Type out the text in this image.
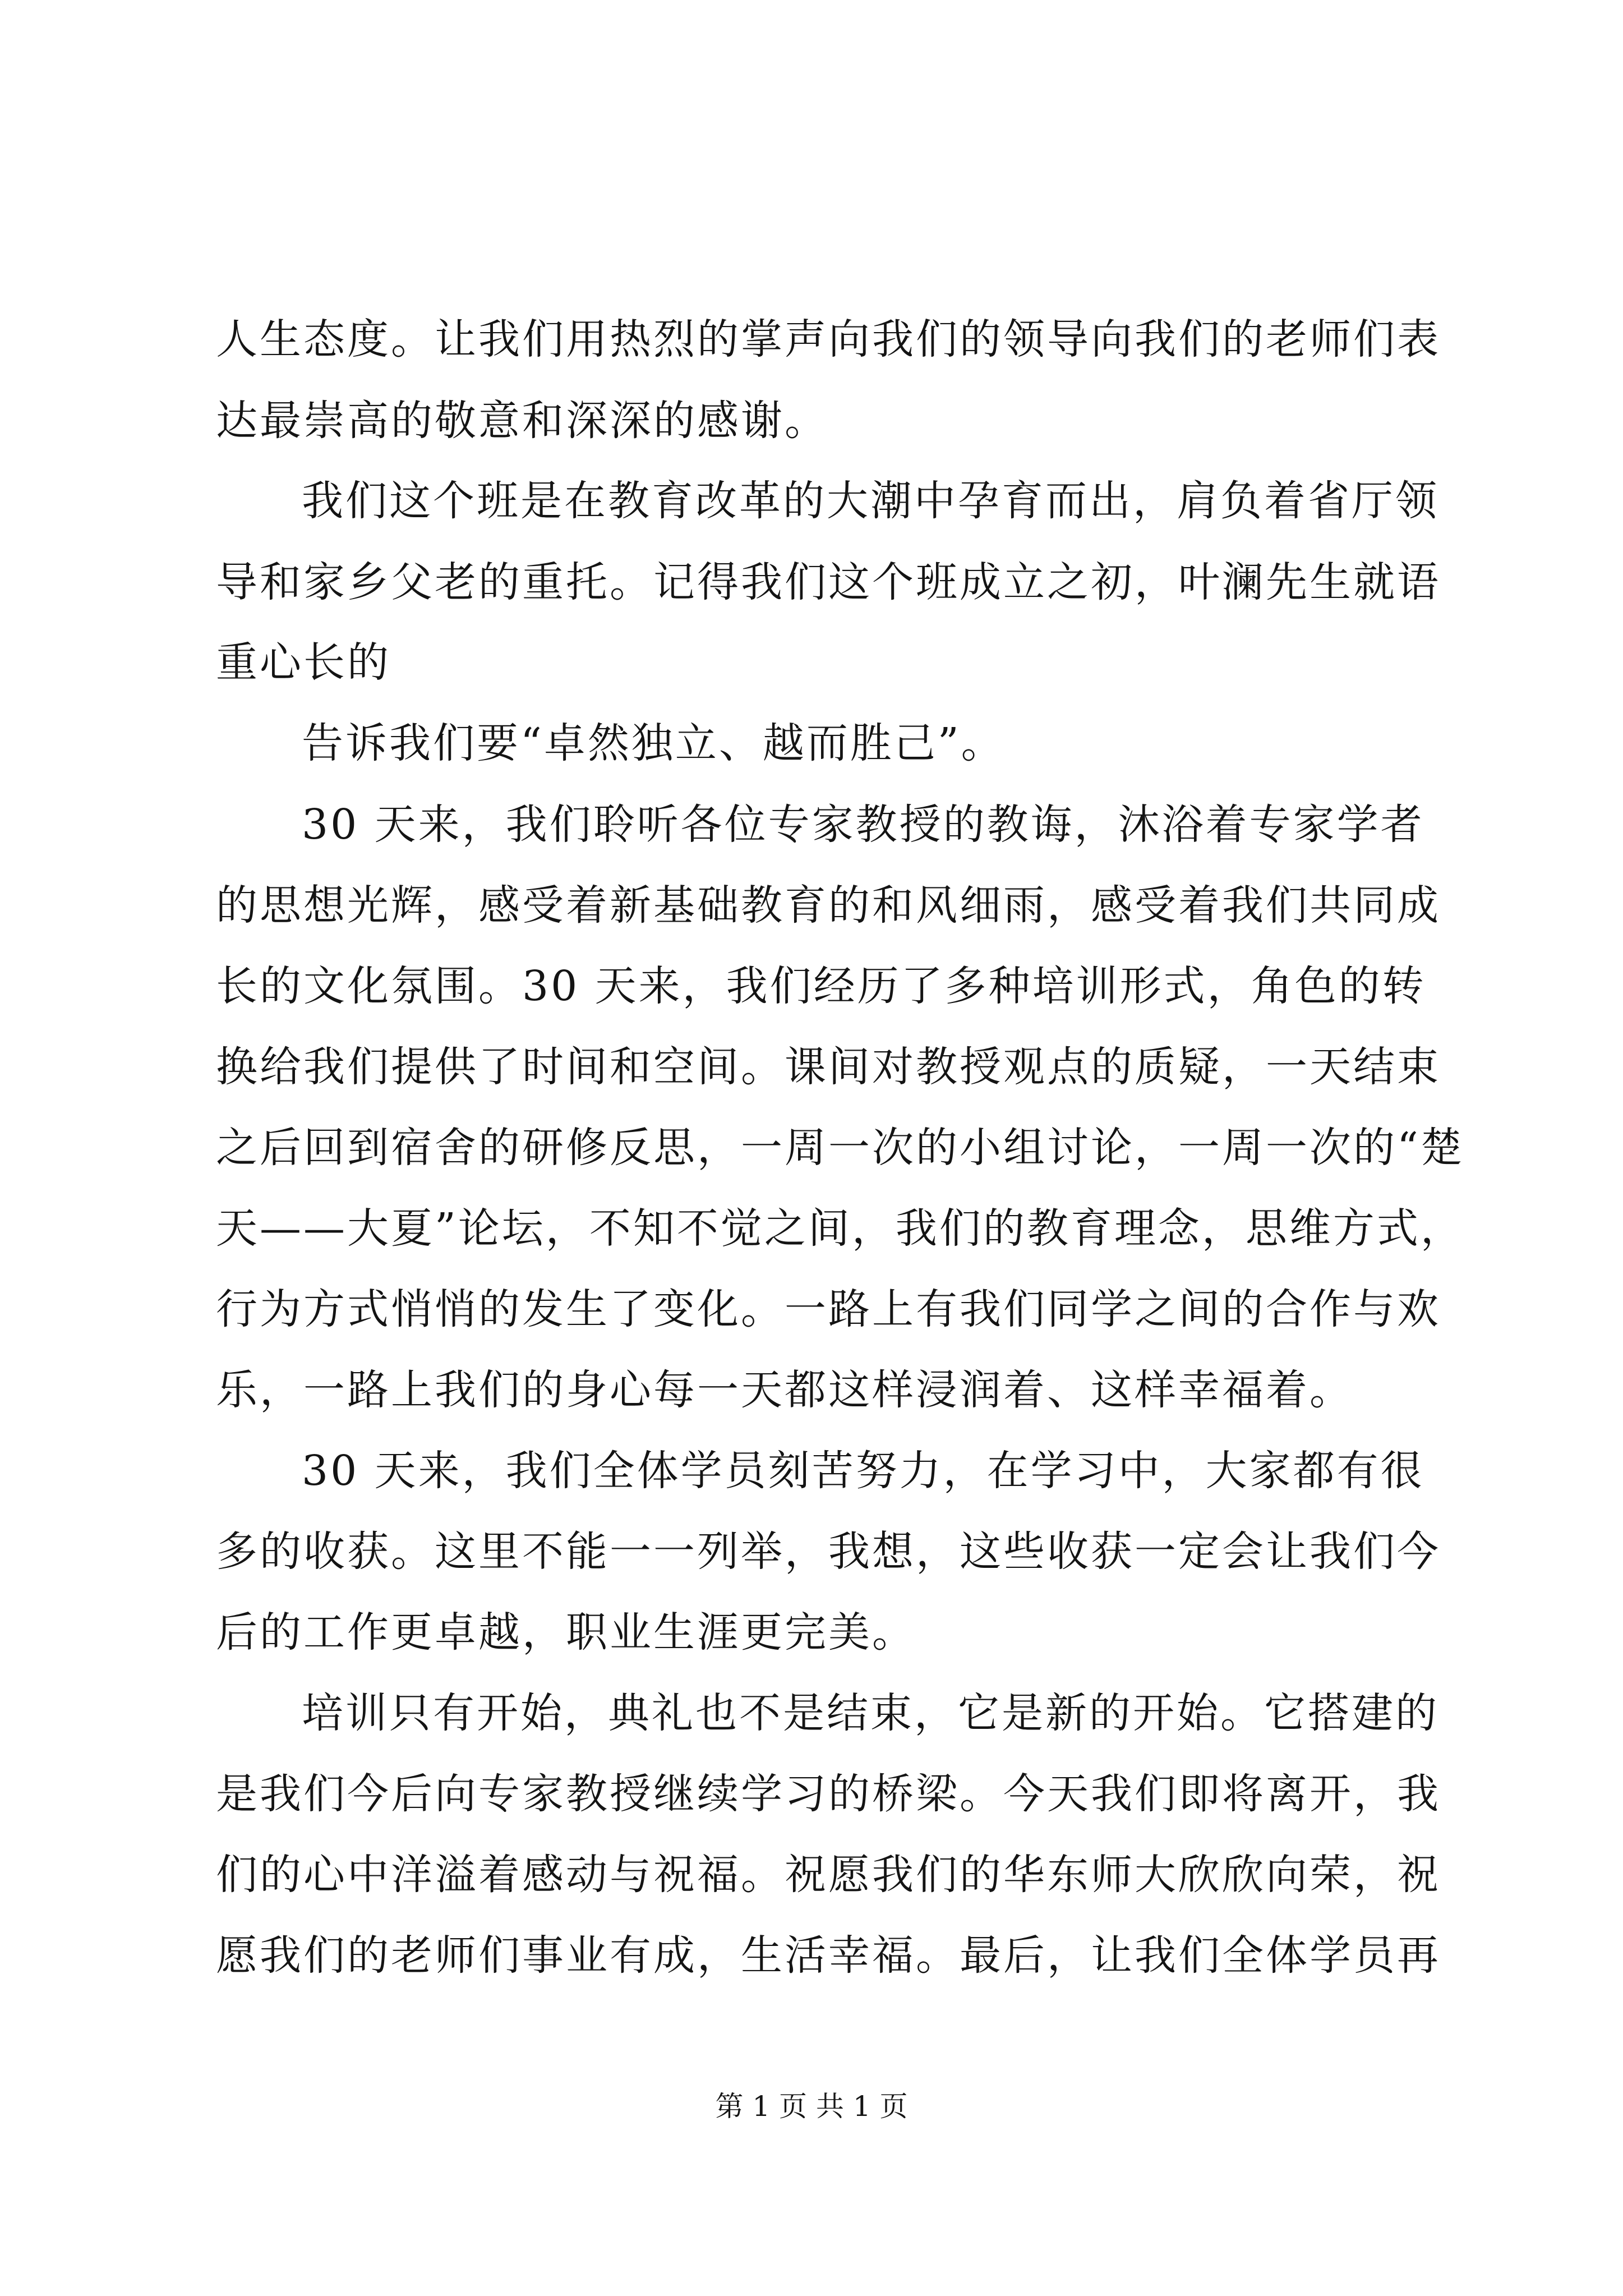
人生态度。让我们用热烈的掌声向我们的领导向我们的老师们表
达最崇高的敬意和深深的感谢。
我们这个班是在教育改革的大潮中孕育而出，肩负着省厅领
导和家乡父老的重托。记得我们这个班成立之初，叶澜先生就语
重心长的
告诉我们要“卓然独立、越而胜己”。
30 天来，我们聆听各位专家教授的教诲，沐浴着专家学者
的思想光辉，感受着新基础教育的和风细雨，感受着我们共同成
长的文化氛围。30 天来，我们经历了多种培训形式，角色的转
换给我们提供了时间和空间。课间对教授观点的质疑，一天结束
之后回到宿舍的研修反思，一周一次的小组讨论，一周一次的“楚
天——大夏”论坛，不知不觉之间，我们的教育理念，思维方式，
行为方式悄悄的发生了变化。一路上有我们同学之间的合作与欢
乐，一路上我们的身心每一天都这样浸润着、这样幸福着。
30 天来，我们全体学员刻苦努力，在学习中，大家都有很
多的收获。这里不能一一列举，我想，这些收获一定会让我们今
后的工作更卓越，职业生涯更完美。
培训只有开始，典礼也不是结束，它是新的开始。它搭建的
是我们今后向专家教授继续学习的桥梁。今天我们即将离开，我
们的心中洋溢着感动与祝福。祝愿我们的华东师大欣欣向荣，祝
愿我们的老师们事业有成，生活幸福。最后，让我们全体学员再
第 1 页 共 1 页
